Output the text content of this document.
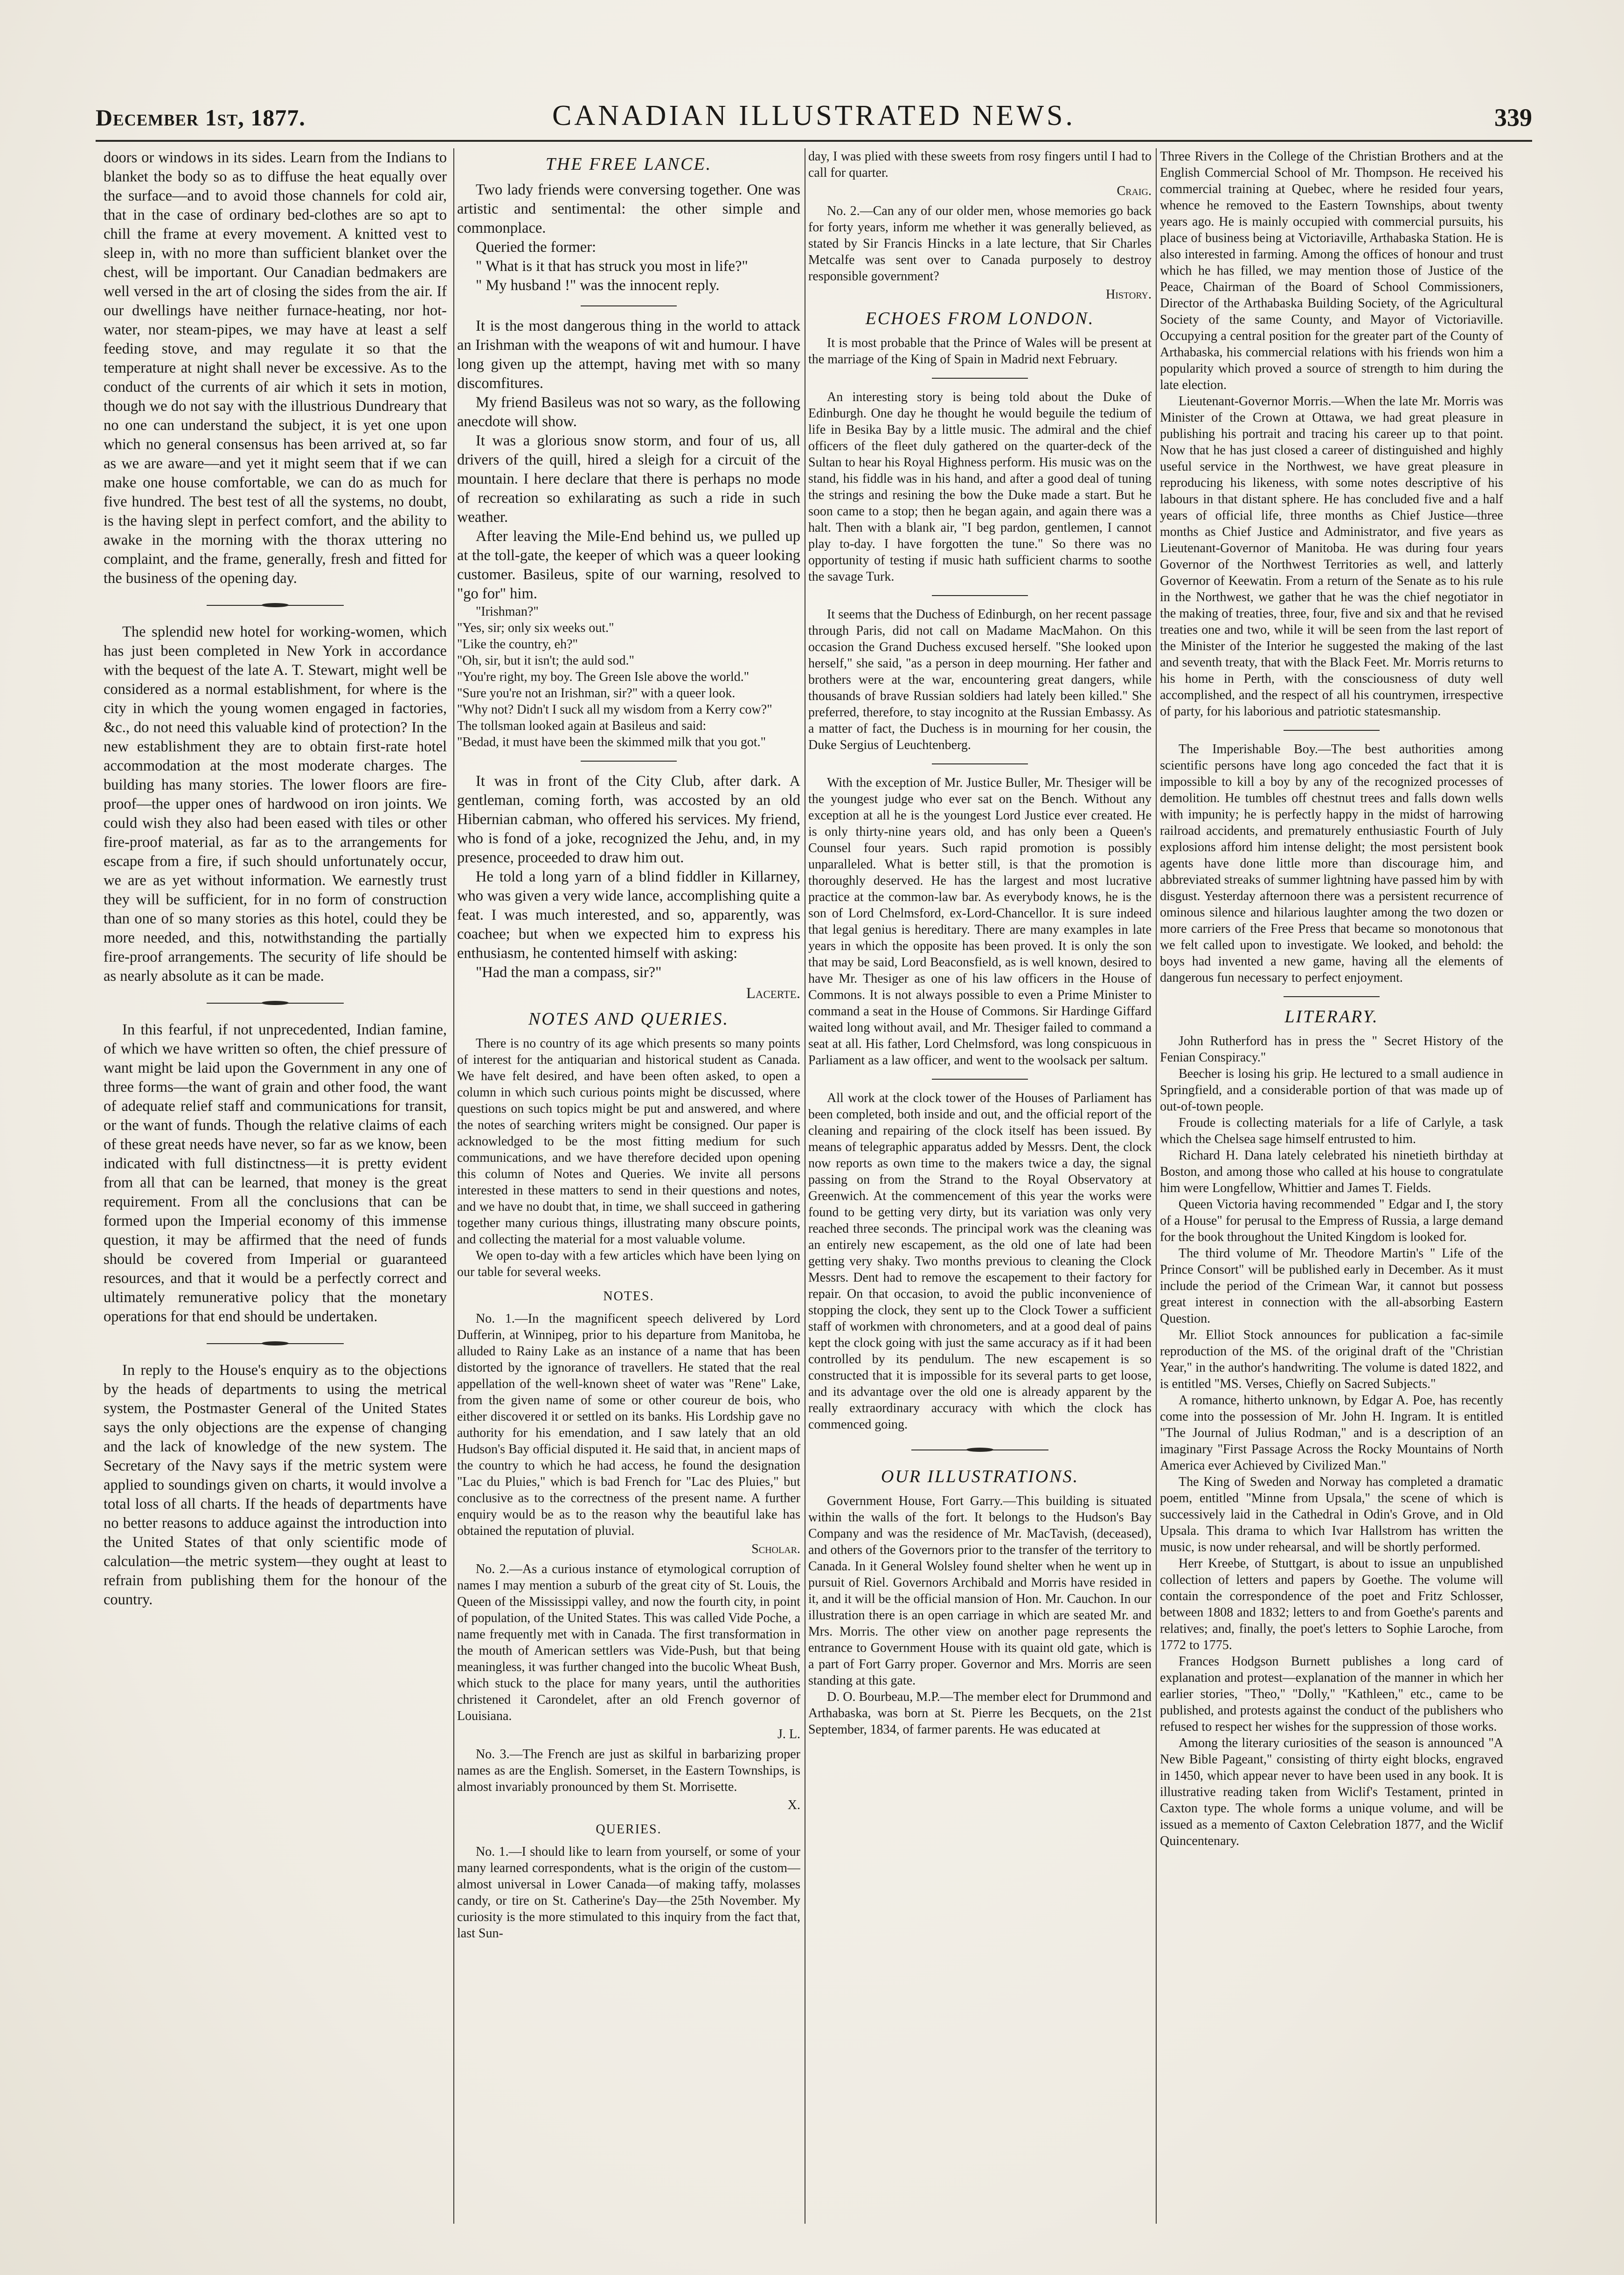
December 1st, 1877.	CANADIAN ILLUSTRATED NEWS.	339

doors or windows in its sides. Learn from the Indians to blanket the body so as to diffuse the heat equally over the surface—and to avoid those channels for cold air, that in the case of ordinary bed-clothes are so apt to chill the frame at every movement. A knitted vest to sleep in, with no more than sufficient blanket over the chest, will be important. Our Canadian bedmakers are well versed in the art of closing the sides from the air. If our dwellings have neither furnace-heating, nor hot-water, nor steam-pipes, we may have at least a self feeding stove, and may regulate it so that the temperature at night shall never be excessive. As to the conduct of the currents of air which it sets in motion, though we do not say with the illustrious Dundreary that no one can understand the subject, it is yet one upon which no general consensus has been arrived at, so far as we are aware—and yet it might seem that if we can make one house comfortable, we can do as much for five hundred. The best test of all the systems, no doubt, is the having slept in perfect comfort, and the ability to awake in the morning with the thorax uttering no complaint, and the frame, generally, fresh and fitted for the business of the opening day.

The splendid new hotel for working-women, which has just been completed in New York in accordance with the bequest of the late A. T. Stewart, might well be considered as a normal establishment, for where is the city in which the young women engaged in factories, &c., do not need this valuable kind of protection? In the new establishment they are to obtain first-rate hotel accommodation at the most moderate charges. The building has many stories. The lower floors are fire-proof—the upper ones of hardwood on iron joints. We could wish they also had been eased with tiles or other fire-proof material, as far as to the arrangements for escape from a fire, if such should unfortunately occur, we are as yet without information. We earnestly trust they will be sufficient, for in no form of construction than one of so many stories as this hotel, could they be more needed, and this, notwithstanding the partially fire-proof arrangements. The security of life should be as nearly absolute as it can be made.

In this fearful, if not unprecedented, Indian famine, of which we have written so often, the chief pressure of want might be laid upon the Government in any one of three forms—the want of grain and other food, the want of adequate relief staff and communications for transit, or the want of funds. Though the relative claims of each of these great needs have never, so far as we know, been indicated with full distinctness—it is pretty evident from all that can be learned, that money is the great requirement. From all the conclusions that can be formed upon the Imperial economy of this immense question, it may be affirmed that the need of funds should be covered from Imperial or guaranteed resources, and that it would be a perfectly correct and ultimately remunerative policy that the monetary operations for that end should be undertaken.

In reply to the House's enquiry as to the objections by the heads of departments to using the metrical system, the Postmaster General of the United States says the only objections are the expense of changing and the lack of knowledge of the new system. The Secretary of the Navy says if the metric system were applied to soundings given on charts, it would involve a total loss of all charts. If the heads of departments have no better reasons to adduce against the introduction into the United States of that only scientific mode of calculation—the metric system—they ought at least to refrain from publishing them for the honour of the country.

THE FREE LANCE.

Two lady friends were conversing together. One was artistic and sentimental: the other simple and commonplace.

Queried the former:

" What is it that has struck you most in life?"

" My husband !" was the innocent reply.

It is the most dangerous thing in the world to attack an Irishman with the weapons of wit and humour. I have long given up the attempt, having met with so many discomfitures.

My friend Basileus was not so wary, as the following anecdote will show.

It was a glorious snow storm, and four of us, all drivers of the quill, hired a sleigh for a circuit of the mountain. I here declare that there is perhaps no mode of recreation so exhilarating as such a ride in such weather.

After leaving the Mile-End behind us, we pulled up at the toll-gate, the keeper of which was a queer looking customer. Basileus, spite of our warning, resolved to "go for" him.

"Irishman?"
"Yes, sir; only six weeks out."
"Like the country, eh?"
"Oh, sir, but it isn't; the auld sod."
"You're right, my boy. The Green Isle above the world."
"Sure you're not an Irishman, sir?" with a queer look.
"Why not? Didn't I suck all my wisdom from a Kerry cow?"
The tollsman looked again at Basileus and said:
"Bedad, it must have been the skimmed milk that you got."

It was in front of the City Club, after dark. A gentleman, coming forth, was accosted by an old Hibernian cabman, who offered his services. My friend, who is fond of a joke, recognized the Jehu, and, in my presence, proceeded to draw him out.

He told a long yarn of a blind fiddler in Killarney, who was given a very wide lance, accomplishing quite a feat. I was much interested, and so, apparently, was coachee; but when we expected him to express his enthusiasm, he contented himself with asking:

"Had the man a compass, sir?"

Lacerte.
NOTES AND QUERIES.

There is no country of its age which presents so many points of interest for the antiquarian and historical student as Canada. We have felt desired, and have been often asked, to open a column in which such curious points might be discussed, where questions on such topics might be put and answered, and where the notes of searching writers might be consigned. Our paper is acknowledged to be the most fitting medium for such communications, and we have therefore decided upon opening this column of Notes and Queries. We invite all persons interested in these matters to send in their questions and notes, and we have no doubt that, in time, we shall succeed in gathering together many curious things, illustrating many obscure points, and collecting the material for a most valuable volume.

We open to-day with a few articles which have been lying on our table for several weeks.

NOTES.

No. 1.—In the magnificent speech delivered by Lord Dufferin, at Winnipeg, prior to his departure from Manitoba, he alluded to Rainy Lake as an instance of a name that has been distorted by the ignorance of travellers. He stated that the real appellation of the well-known sheet of water was "Rene" Lake, from the given name of some or other coureur de bois, who either discovered it or settled on its banks. His Lordship gave no authority for his emendation, and I saw lately that an old Hudson's Bay official disputed it. He said that, in ancient maps of the country to which he had access, he found the designation "Lac du Pluies," which is bad French for "Lac des Pluies," but conclusive as to the correctness of the present name. A further enquiry would be as to the reason why the beautiful lake has obtained the reputation of pluvial.

Scholar.

No. 2.—As a curious instance of etymological corruption of names I may mention a suburb of the great city of St. Louis, the Queen of the Mississippi valley, and now the fourth city, in point of population, of the United States. This was called Vide Poche, a name frequently met with in Canada. The first transformation in the mouth of American settlers was Vide-Push, but that being meaningless, it was further changed into the bucolic Wheat Bush, which stuck to the place for many years, until the authorities christened it Carondelet, after an old French governor of Louisiana.

J. L.

No. 3.—The French are just as skilful in barbarizing proper names as are the English. Somerset, in the Eastern Townships, is almost invariably pronounced by them St. Morrisette.

X.
QUERIES.

No. 1.—I should like to learn from yourself, or some of your many learned correspondents, what is the origin of the custom—almost universal in Lower Canada—of making taffy, molasses candy, or tire on St. Catherine's Day—the 25th November. My curiosity is the more stimulated to this inquiry from the fact that, last Sun-

day, I was plied with these sweets from rosy fingers until I had to call for quarter.

Craig.

No. 2.—Can any of our older men, whose memories go back for forty years, inform me whether it was generally believed, as stated by Sir Francis Hincks in a late lecture, that Sir Charles Metcalfe was sent over to Canada purposely to destroy responsible government?

History.
ECHOES FROM LONDON.

It is most probable that the Prince of Wales will be present at the marriage of the King of Spain in Madrid next February.

An interesting story is being told about the Duke of Edinburgh. One day he thought he would beguile the tedium of life in Besika Bay by a little music. The admiral and the chief officers of the fleet duly gathered on the quarter-deck of the Sultan to hear his Royal Highness perform. His music was on the stand, his fiddle was in his hand, and after a good deal of tuning the strings and resining the bow the Duke made a start. But he soon came to a stop; then he began again, and again there was a halt. Then with a blank air, "I beg pardon, gentlemen, I cannot play to-day. I have forgotten the tune." So there was no opportunity of testing if music hath sufficient charms to soothe the savage Turk.

It seems that the Duchess of Edinburgh, on her recent passage through Paris, did not call on Madame MacMahon. On this occasion the Grand Duchess excused herself. "She looked upon herself," she said, "as a person in deep mourning. Her father and brothers were at the war, encountering great dangers, while thousands of brave Russian soldiers had lately been killed." She preferred, therefore, to stay incognito at the Russian Embassy. As a matter of fact, the Duchess is in mourning for her cousin, the Duke Sergius of Leuchtenberg.

With the exception of Mr. Justice Buller, Mr. Thesiger will be the youngest judge who ever sat on the Bench. Without any exception at all he is the youngest Lord Justice ever created. He is only thirty-nine years old, and has only been a Queen's Counsel four years. Such rapid promotion is possibly unparalleled. What is better still, is that the promotion is thoroughly deserved. He has the largest and most lucrative practice at the common-law bar. As everybody knows, he is the son of Lord Chelmsford, ex-Lord-Chancellor. It is sure indeed that legal genius is hereditary. There are many examples in late years in which the opposite has been proved. It is only the son that may be said, Lord Beaconsfield, as is well known, desired to have Mr. Thesiger as one of his law officers in the House of Commons. It is not always possible to even a Prime Minister to command a seat in the House of Commons. Sir Hardinge Giffard waited long without avail, and Mr. Thesiger failed to command a seat at all. His father, Lord Chelmsford, was long conspicuous in Parliament as a law officer, and went to the woolsack per saltum.

All work at the clock tower of the Houses of Parliament has been completed, both inside and out, and the official report of the cleaning and repairing of the clock itself has been issued. By means of telegraphic apparatus added by Messrs. Dent, the clock now reports as own time to the makers twice a day, the signal passing on from the Strand to the Royal Observatory at Greenwich. At the commencement of this year the works were found to be getting very dirty, but its variation was only very reached three seconds. The principal work was the cleaning was an entirely new escapement, as the old one of late had been getting very shaky. Two months previous to cleaning the Clock Messrs. Dent had to remove the escapement to their factory for repair. On that occasion, to avoid the public inconvenience of stopping the clock, they sent up to the Clock Tower a sufficient staff of workmen with chronometers, and at a good deal of pains kept the clock going with just the same accuracy as if it had been controlled by its pendulum. The new escapement is so constructed that it is impossible for its several parts to get loose, and its advantage over the old one is already apparent by the really extraordinary accuracy with which the clock has commenced going.

OUR ILLUSTRATIONS.

Government House, Fort Garry.—This building is situated within the walls of the fort. It belongs to the Hudson's Bay Company and was the residence of Mr. MacTavish, (deceased), and others of the Governors prior to the transfer of the territory to Canada. In it General Wolsley found shelter when he went up in pursuit of Riel. Governors Archibald and Morris have resided in it, and it will be the official mansion of Hon. Mr. Cauchon. In our illustration there is an open carriage in which are seated Mr. and Mrs. Morris. The other view on another page represents the entrance to Government House with its quaint old gate, which is a part of Fort Garry proper. Governor and Mrs. Morris are seen standing at this gate.

D. O. Bourbeau, M.P.—The member elect for Drummond and Arthabaska, was born at St. Pierre les Becquets, on the 21st September, 1834, of farmer parents. He was educated at

Three Rivers in the College of the Christian Brothers and at the English Commercial School of Mr. Thompson. He received his commercial training at Quebec, where he resided four years, whence he removed to the Eastern Townships, about twenty years ago. He is mainly occupied with commercial pursuits, his place of business being at Victoriaville, Arthabaska Station. He is also interested in farming. Among the offices of honour and trust which he has filled, we may mention those of Justice of the Peace, Chairman of the Board of School Commissioners, Director of the Arthabaska Building Society, of the Agricultural Society of the same County, and Mayor of Victoriaville. Occupying a central position for the greater part of the County of Arthabaska, his commercial relations with his friends won him a popularity which proved a source of strength to him during the late election.

Lieutenant-Governor Morris.—When the late Mr. Morris was Minister of the Crown at Ottawa, we had great pleasure in publishing his portrait and tracing his career up to that point. Now that he has just closed a career of distinguished and highly useful service in the Northwest, we have great pleasure in reproducing his likeness, with some notes descriptive of his labours in that distant sphere. He has concluded five and a half years of official life, three months as Chief Justice—three months as Chief Justice and Administrator, and five years as Lieutenant-Governor of Manitoba. He was during four years Governor of the Northwest Territories as well, and latterly Governor of Keewatin. From a return of the Senate as to his rule in the Northwest, we gather that he was the chief negotiator in the making of treaties, three, four, five and six and that he revised treaties one and two, while it will be seen from the last report of the Minister of the Interior he suggested the making of the last and seventh treaty, that with the Black Feet. Mr. Morris returns to his home in Perth, with the consciousness of duty well accomplished, and the respect of all his countrymen, irrespective of party, for his laborious and patriotic statesmanship.

The Imperishable Boy.—The best authorities among scientific persons have long ago conceded the fact that it is impossible to kill a boy by any of the recognized processes of demolition. He tumbles off chestnut trees and falls down wells with impunity; he is perfectly happy in the midst of harrowing railroad accidents, and prematurely enthusiastic Fourth of July explosions afford him intense delight; the most persistent book agents have done little more than discourage him, and abbreviated streaks of summer lightning have passed him by with disgust. Yesterday afternoon there was a persistent recurrence of ominous silence and hilarious laughter among the two dozen or more carriers of the Free Press that became so monotonous that we felt called upon to investigate. We looked, and behold: the boys had invented a new game, having all the elements of dangerous fun necessary to perfect enjoyment.

LITERARY.

John Rutherford has in press the " Secret History of the Fenian Conspiracy."

Beecher is losing his grip. He lectured to a small audience in Springfield, and a considerable portion of that was made up of out-of-town people.

Froude is collecting materials for a life of Carlyle, a task which the Chelsea sage himself entrusted to him.

Richard H. Dana lately celebrated his ninetieth birthday at Boston, and among those who called at his house to congratulate him were Longfellow, Whittier and James T. Fields.

Queen Victoria having recommended " Edgar and I, the story of a House" for perusal to the Empress of Russia, a large demand for the book throughout the United Kingdom is looked for.

The third volume of Mr. Theodore Martin's " Life of the Prince Consort" will be published early in December. As it must include the period of the Crimean War, it cannot but possess great interest in connection with the all-absorbing Eastern Question.

Mr. Elliot Stock announces for publication a fac-simile reproduction of the MS. of the original draft of the "Christian Year," in the author's handwriting. The volume is dated 1822, and is entitled "MS. Verses, Chiefly on Sacred Subjects."

A romance, hitherto unknown, by Edgar A. Poe, has recently come into the possession of Mr. John H. Ingram. It is entitled "The Journal of Julius Rodman," and is a description of an imaginary "First Passage Across the Rocky Mountains of North America ever Achieved by Civilized Man."

The King of Sweden and Norway has completed a dramatic poem, entitled "Minne from Upsala," the scene of which is successively laid in the Cathedral in Odin's Grove, and in Old Upsala. This drama to which Ivar Hallstrom has written the music, is now under rehearsal, and will be shortly performed.

Herr Kreebe, of Stuttgart, is about to issue an unpublished collection of letters and papers by Goethe. The volume will contain the correspondence of the poet and Fritz Schlosser, between 1808 and 1832; letters to and from Goethe's parents and relatives; and, finally, the poet's letters to Sophie Laroche, from 1772 to 1775.

Frances Hodgson Burnett publishes a long card of explanation and protest—explanation of the manner in which her earlier stories, "Theo," "Dolly," "Kathleen," etc., came to be published, and protests against the conduct of the publishers who refused to respect her wishes for the suppression of those works.

Among the literary curiosities of the season is announced "A New Bible Pageant," consisting of thirty eight blocks, engraved in 1450, which appear never to have been used in any book. It is illustrative reading taken from Wiclif's Testament, printed in Caxton type. The whole forms a unique volume, and will be issued as a memento of Caxton Celebration 1877, and the Wiclif Quincentenary.
